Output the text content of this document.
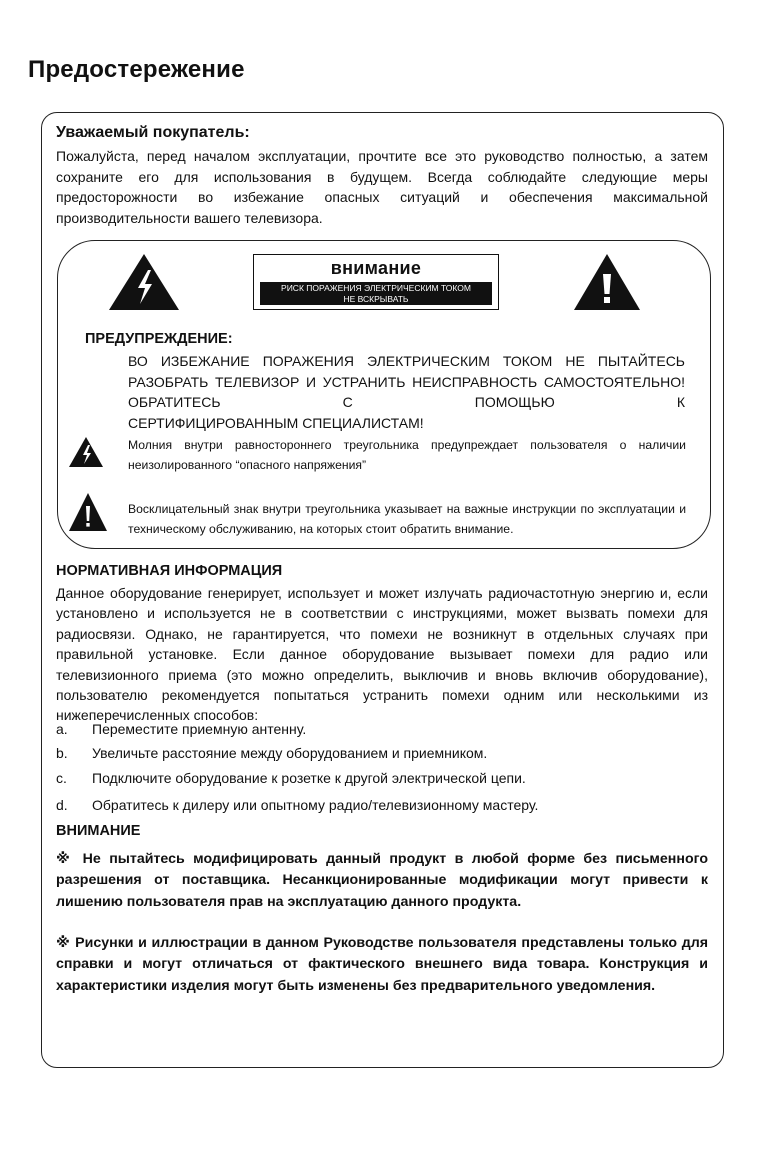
Предостережение
Уважаемый покупатель:
Пожалуйста, перед началом эксплуатации, прочтите все это руководство полностью, а затем сохраните его для использования в будущем. Всегда соблюдайте следующие меры предосторожности во избежание опасных ситуаций и обеспечения максимальной производительности вашего телевизора.
внимание
РИСК ПОРАЖЕНИЯ ЭЛЕКТРИЧЕСКИМ ТОКОМ
НЕ ВСКРЫВАТЬ
ПРЕДУПРЕЖДЕНИЕ:
ВО ИЗБЕЖАНИЕ ПОРАЖЕНИЯ ЭЛЕКТРИЧЕСКИМ ТОКОМ НЕ ПЫТАЙТЕСЬ РАЗОБРАТЬ ТЕЛЕВИЗОР И УСТРАНИТЬ НЕИСПРАВНОСТЬ САМОСТОЯТЕЛЬНО! ОБРАТИТЕСЬ С ПОМОЩЬЮ К
СЕРТИФИЦИРОВАННЫМ СПЕЦИАЛИСТАМ!
Молния внутри равностороннего треугольника предупреждает пользователя о наличии неизолированного “опасного напряжения”
Восклицательный знак внутри треугольника указывает на важные инструкции по эксплуатации и техническому обслуживанию, на которых стоит обратить внимание.
НОРМАТИВНАЯ ИНФОРМАЦИЯ
Данное оборудование генерирует, использует и может излучать радиочастотную энергию и, если установлено и используется не в соответствии с инструкциями, может вызвать помехи для радиосвязи. Однако, не гарантируется, что помехи не возникнут в отдельных случаях при правильной установке. Если данное оборудование вызывает помехи для радио или телевизионного приема (это можно определить, выключив и вновь включив оборудование), пользователю рекомендуется попытаться устранить помехи одним или несколькими из нижеперечисленных способов:
a. Переместите приемную антенну.
b. Увеличьте расстояние между оборудованием и приемником.
c. Подключите оборудование к розетке к другой электрической цепи.
d. Обратитесь к дилеру или опытному радио/телевизионному мастеру.
ВНИМАНИЕ
※ Не пытайтесь модифицировать данный продукт в любой форме без письменного разрешения от поставщика. Несанкционированные модификации могут привести к лишению пользователя прав на эксплуатацию данного продукта.
※ Рисунки и иллюстрации в данном Руководстве пользователя представлены только для справки и могут отличаться от фактического внешнего вида товара. Конструкция и характеристики изделия могут быть изменены без предварительного уведомления.
